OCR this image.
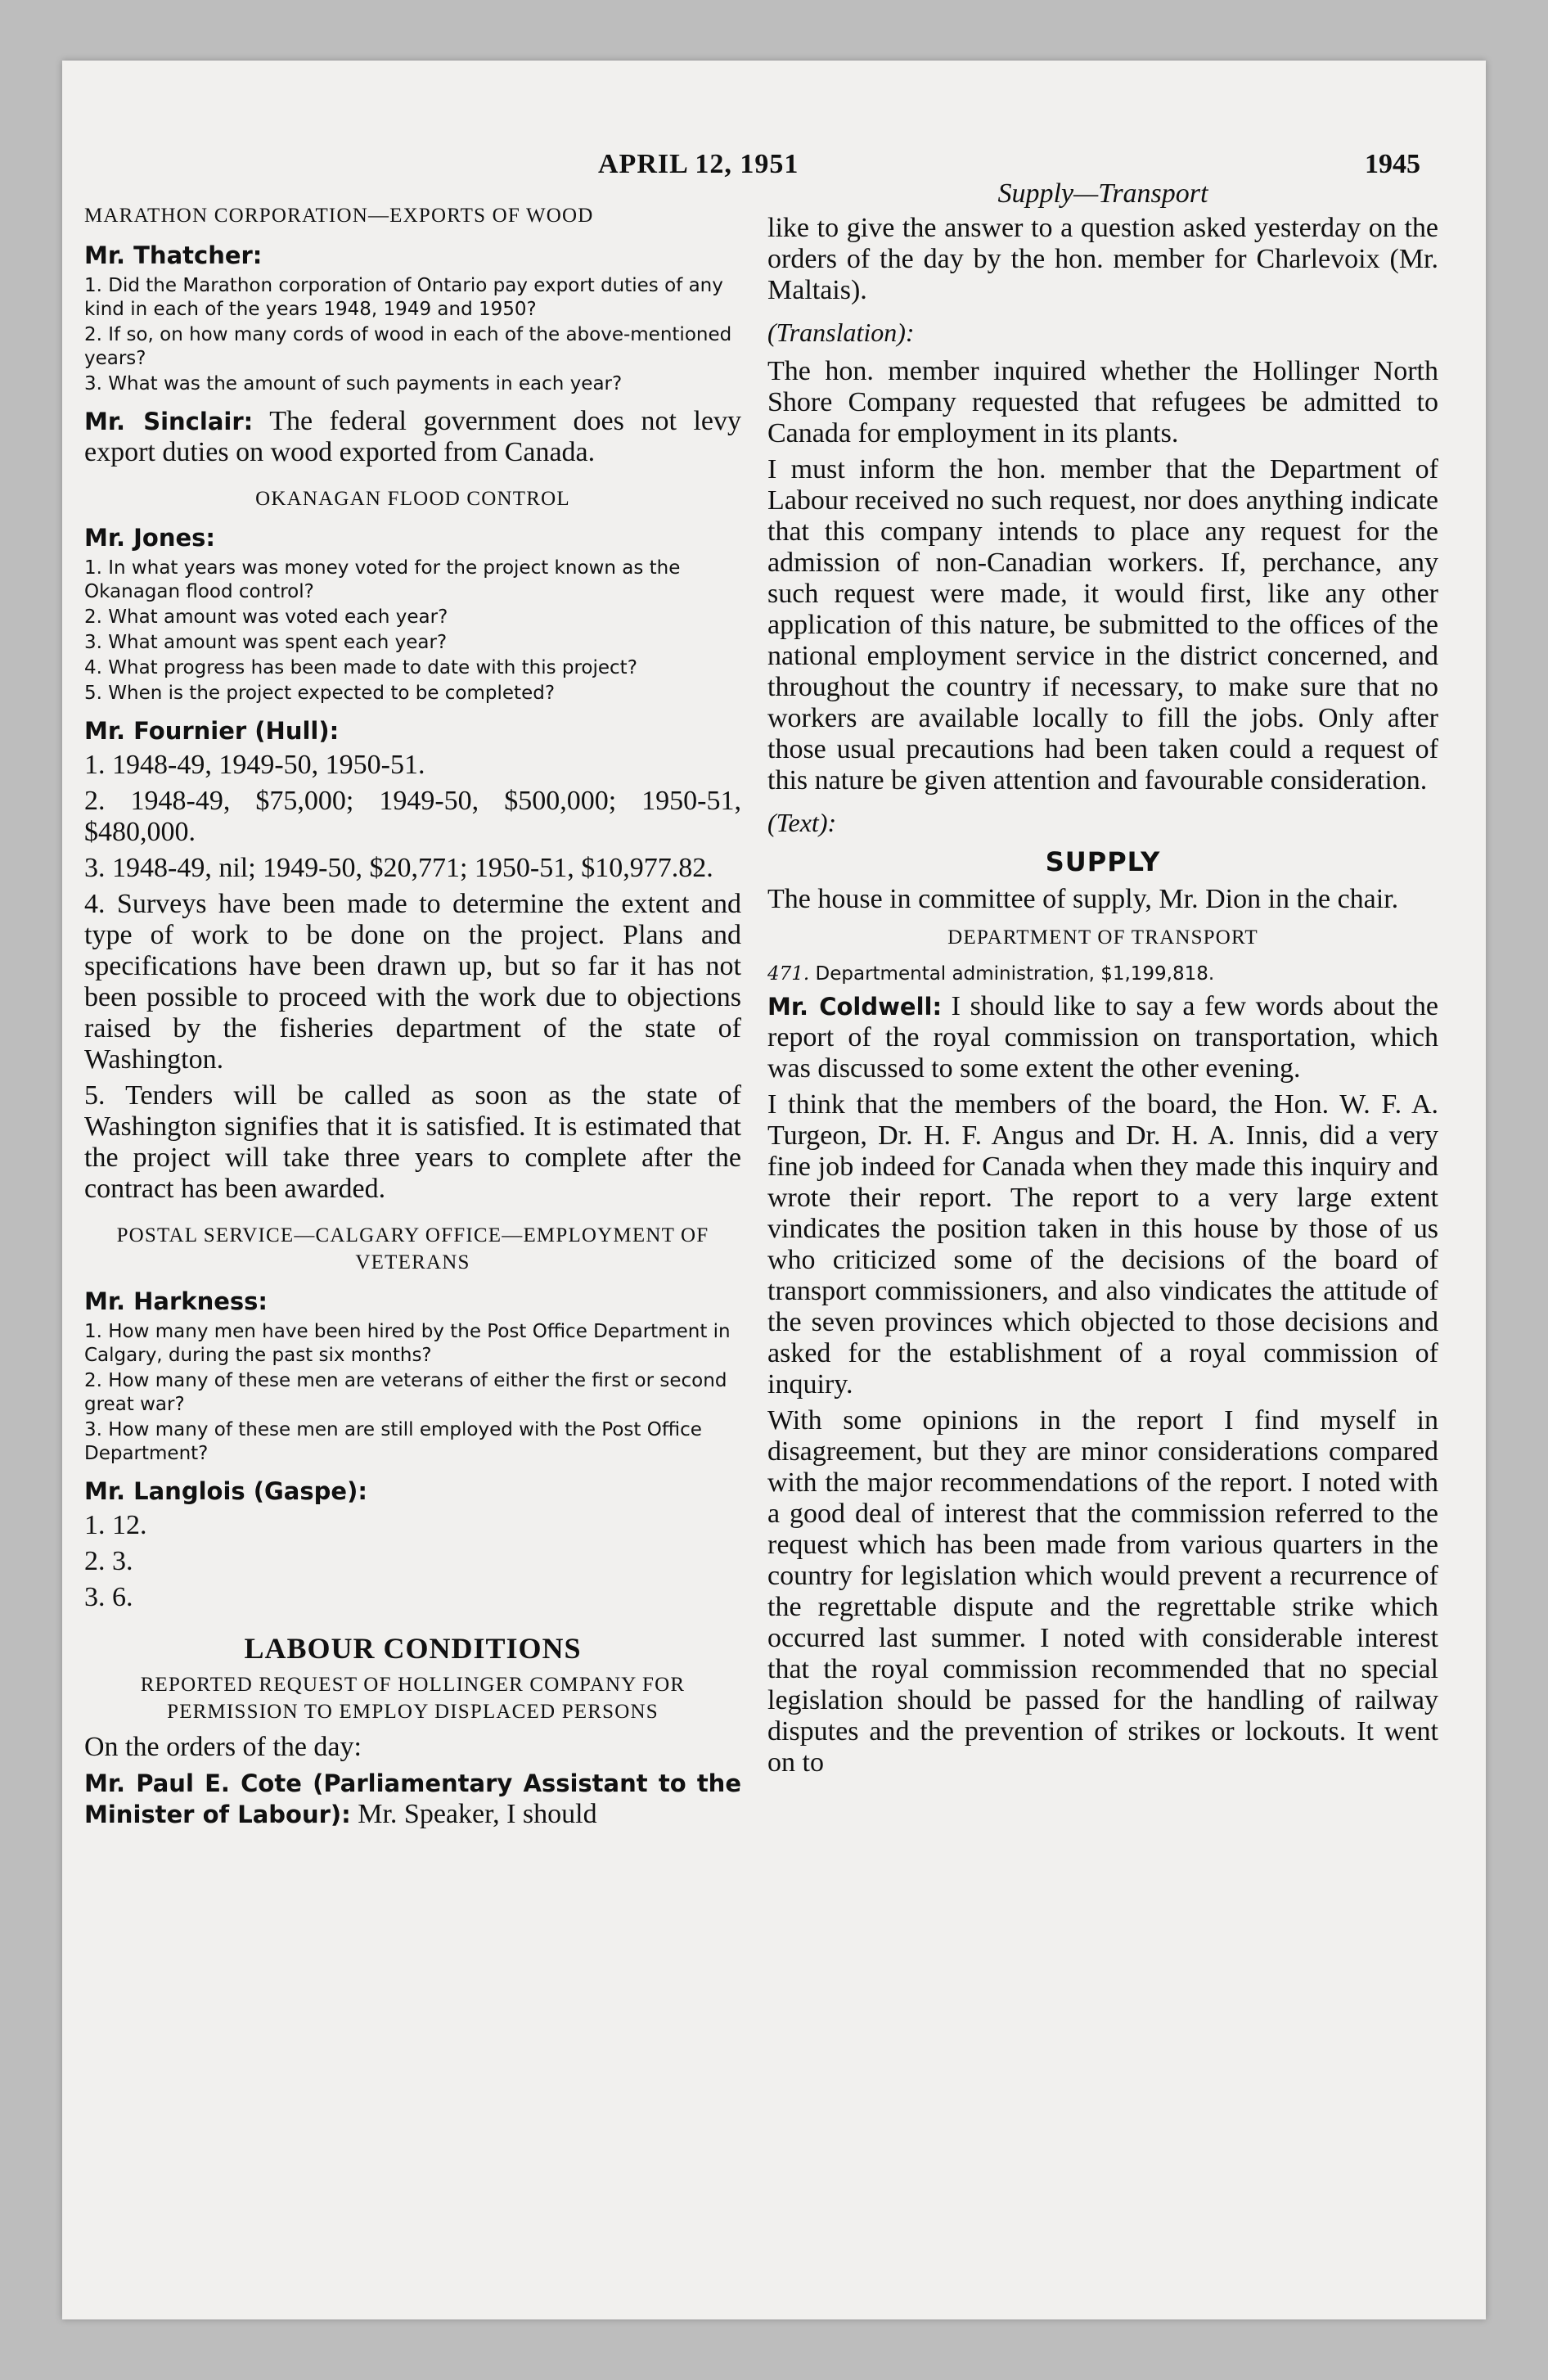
APRIL 12, 1951	1945
MARATHON CORPORATION—EXPORTS OF WOOD
Mr. Thatcher:
1. Did the Marathon corporation of Ontario pay export duties of any kind in each of the years 1948, 1949 and 1950?
2. If so, on how many cords of wood in each of the above-mentioned years?
3. What was the amount of such payments in each year?
Mr. Sinclair: The federal government does not levy export duties on wood exported from Canada.
OKANAGAN FLOOD CONTROL
Mr. Jones:
1. In what years was money voted for the project known as the Okanagan flood control?
2. What amount was voted each year?
3. What amount was spent each year?
4. What progress has been made to date with this project?
5. When is the project expected to be completed?
Mr. Fournier (Hull):
1. 1948-49, 1949-50, 1950-51.
2. 1948-49, $75,000; 1949-50, $500,000; 1950-51, $480,000.
3. 1948-49, nil; 1949-50, $20,771; 1950-51, $10,977.82.
4. Surveys have been made to determine the extent and type of work to be done on the project. Plans and specifications have been drawn up, but so far it has not been possible to proceed with the work due to objections raised by the fisheries department of the state of Washington.
5. Tenders will be called as soon as the state of Washington signifies that it is satisfied. It is estimated that the project will take three years to complete after the contract has been awarded.
POSTAL SERVICE—CALGARY OFFICE—EMPLOYMENT OF VETERANS
Mr. Harkness:
1. How many men have been hired by the Post Office Department in Calgary, during the past six months?
2. How many of these men are veterans of either the first or second great war?
3. How many of these men are still employed with the Post Office Department?
Mr. Langlois (Gaspe):
1. 12.
2. 3.
3. 6.
LABOUR CONDITIONS
REPORTED REQUEST OF HOLLINGER COMPANY FOR PERMISSION TO EMPLOY DISPLACED PERSONS
On the orders of the day:
Mr. Paul E. Cote (Parliamentary Assistant to the Minister of Labour): Mr. Speaker, I should
Supply—Transport
like to give the answer to a question asked yesterday on the orders of the day by the hon. member for Charlevoix (Mr. Maltais).
(Translation):
The hon. member inquired whether the Hollinger North Shore Company requested that refugees be admitted to Canada for employment in its plants.
I must inform the hon. member that the Department of Labour received no such request, nor does anything indicate that this company intends to place any request for the admission of non-Canadian workers. If, perchance, any such request were made, it would first, like any other application of this nature, be submitted to the offices of the national employment service in the district concerned, and throughout the country if necessary, to make sure that no workers are available locally to fill the jobs. Only after those usual precautions had been taken could a request of this nature be given attention and favourable consideration.
(Text):
SUPPLY
The house in committee of supply, Mr. Dion in the chair.
DEPARTMENT OF TRANSPORT
471. Departmental administration, $1,199,818.
Mr. Coldwell: I should like to say a few words about the report of the royal commission on transportation, which was discussed to some extent the other evening.
I think that the members of the board, the Hon. W. F. A. Turgeon, Dr. H. F. Angus and Dr. H. A. Innis, did a very fine job indeed for Canada when they made this inquiry and wrote their report. The report to a very large extent vindicates the position taken in this house by those of us who criticized some of the decisions of the board of transport commissioners, and also vindicates the attitude of the seven provinces which objected to those decisions and asked for the establishment of a royal commission of inquiry.
With some opinions in the report I find myself in disagreement, but they are minor considerations compared with the major recommendations of the report. I noted with a good deal of interest that the commission referred to the request which has been made from various quarters in the country for legislation which would prevent a recurrence of the regrettable dispute and the regrettable strike which occurred last summer. I noted with considerable interest that the royal commission recommended that no special legislation should be passed for the handling of railway disputes and the prevention of strikes or lockouts. It went on to
